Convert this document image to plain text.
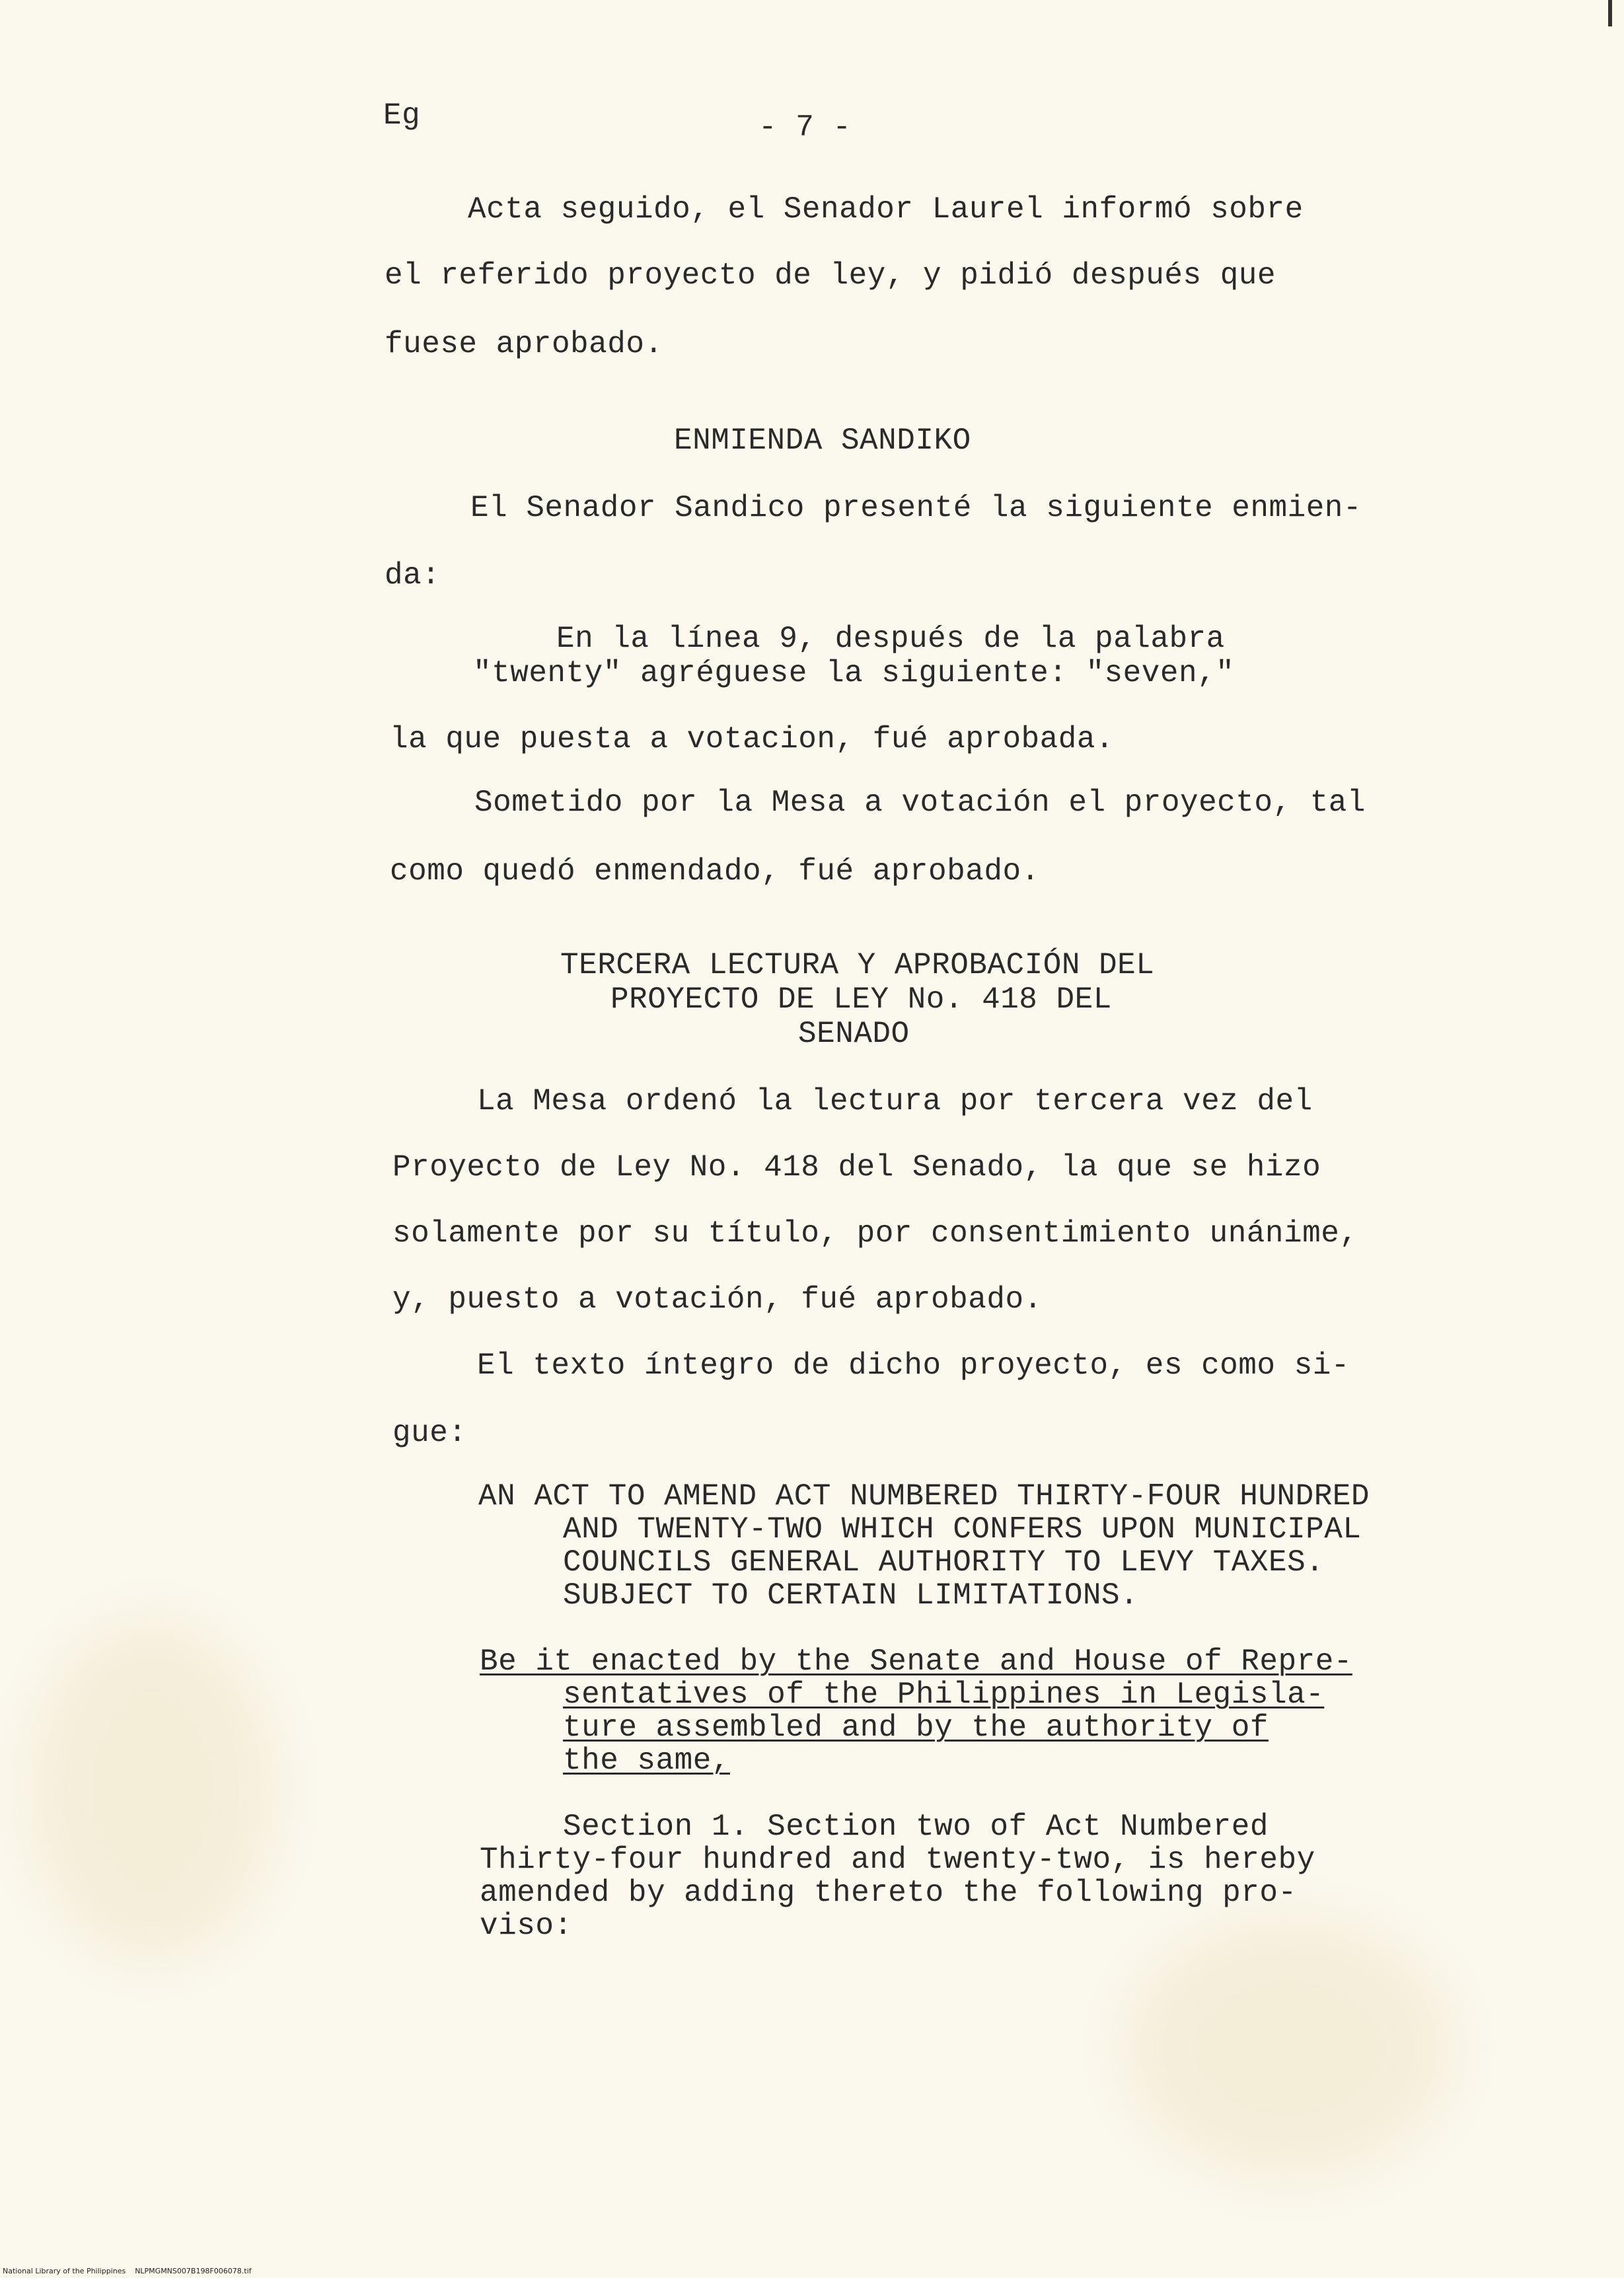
Eg	- 7 -
Acta seguido, el Senador Laurel informó sobre
el referido proyecto de ley, y pidió después que
fuese aprobado.
ENMIENDA SANDIKO
El Senador Sandico presenté la siguiente enmien-
da:
En la línea 9, después de la palabra
"twenty" agréguese la siguiente: "seven,"
la que puesta a votacion, fué aprobada.
Sometido por la Mesa a votación el proyecto, tal
como quedó enmendado, fué aprobado.
TERCERA LECTURA Y APROBACIÓN DEL
PROYECTO DE LEY No. 418 DEL
SENADO
La Mesa ordenó la lectura por tercera vez del
Proyecto de Ley No. 418 del Senado, la que se hizo
solamente por su título, por consentimiento unánime,
y, puesto a votación, fué aprobado.
El texto íntegro de dicho proyecto, es como si-
gue:
AN ACT TO AMEND ACT NUMBERED THIRTY-FOUR HUNDRED
AND TWENTY-TWO WHICH CONFERS UPON MUNICIPAL
COUNCILS GENERAL AUTHORITY TO LEVY TAXES.
SUBJECT TO CERTAIN LIMITATIONS.
Be it enacted by the Senate and House of Repre-
sentatives of the Philippines in Legisla-
ture assembled and by the authority of
the same,
Section 1. Section two of Act Numbered
Thirty-four hundred and twenty-two, is hereby
amended by adding thereto the following pro-
viso:
National Library of the Philippines    NLPMGMNS007B198F006078.tif
